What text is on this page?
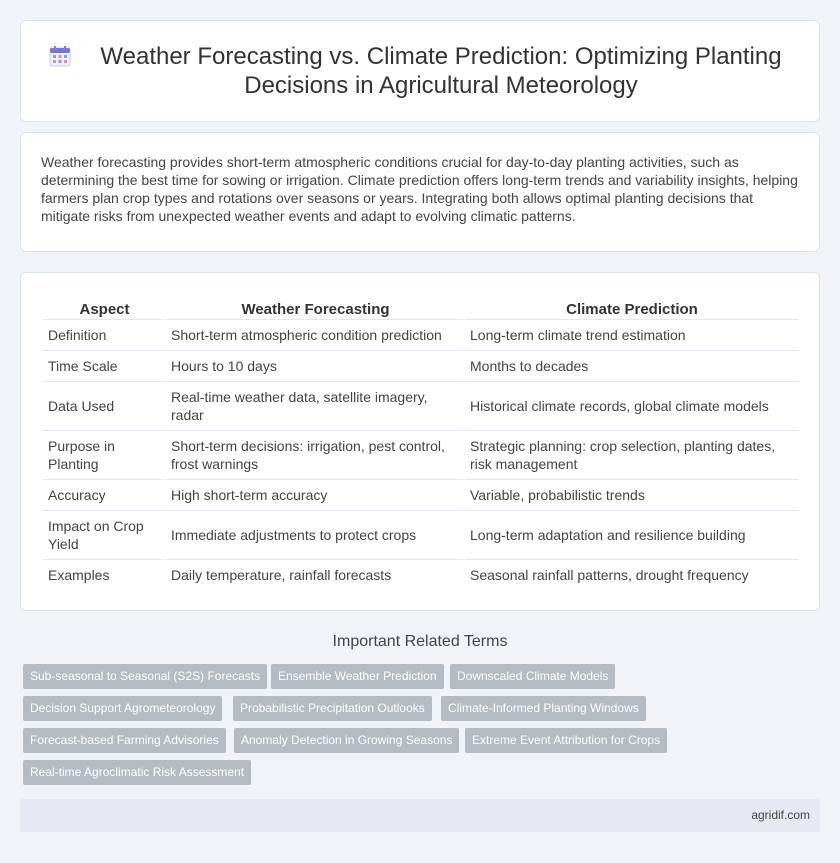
Weather Forecasting vs. Climate Prediction: Optimizing Planting Decisions in Agricultural Meteorology

Weather forecasting provides short-term atmospheric conditions crucial for day-to-day planting activities, such as determining the best time for sowing or irrigation. Climate prediction offers long-term trends and variability insights, helping farmers plan crop types and rotations over seasons or years. Integrating both allows optimal planting decisions that mitigate risks from unexpected weather events and adapt to evolving climatic patterns.

Aspect	Weather Forecasting	Climate Prediction
Definition	Short-term atmospheric condition prediction	Long-term climate trend estimation
Time Scale	Hours to 10 days	Months to decades
Data Used	Real-time weather data, satellite imagery, radar	Historical climate records, global climate models
Purpose in Planting	Short-term decisions: irrigation, pest control, frost warnings	Strategic planning: crop selection, planting dates, risk management
Accuracy	High short-term accuracy	Variable, probabilistic trends
Impact on Crop Yield	Immediate adjustments to protect crops	Long-term adaptation and resilience building
Examples	Daily temperature, rainfall forecasts	Seasonal rainfall patterns, drought frequency
Important Related Terms
Sub-seasonal to Seasonal (S2S) Forecasts	Ensemble Weather Prediction	Downscaled Climate Models
Decision Support Agrometeorology	Probabilistic Precipitation Outlooks	Climate-Informed Planting Windows
Forecast-based Farming Advisories	Anomaly Detection in Growing Seasons	Extreme Event Attribution for Crops
Real-time Agroclimatic Risk Assessment
agridif.com
